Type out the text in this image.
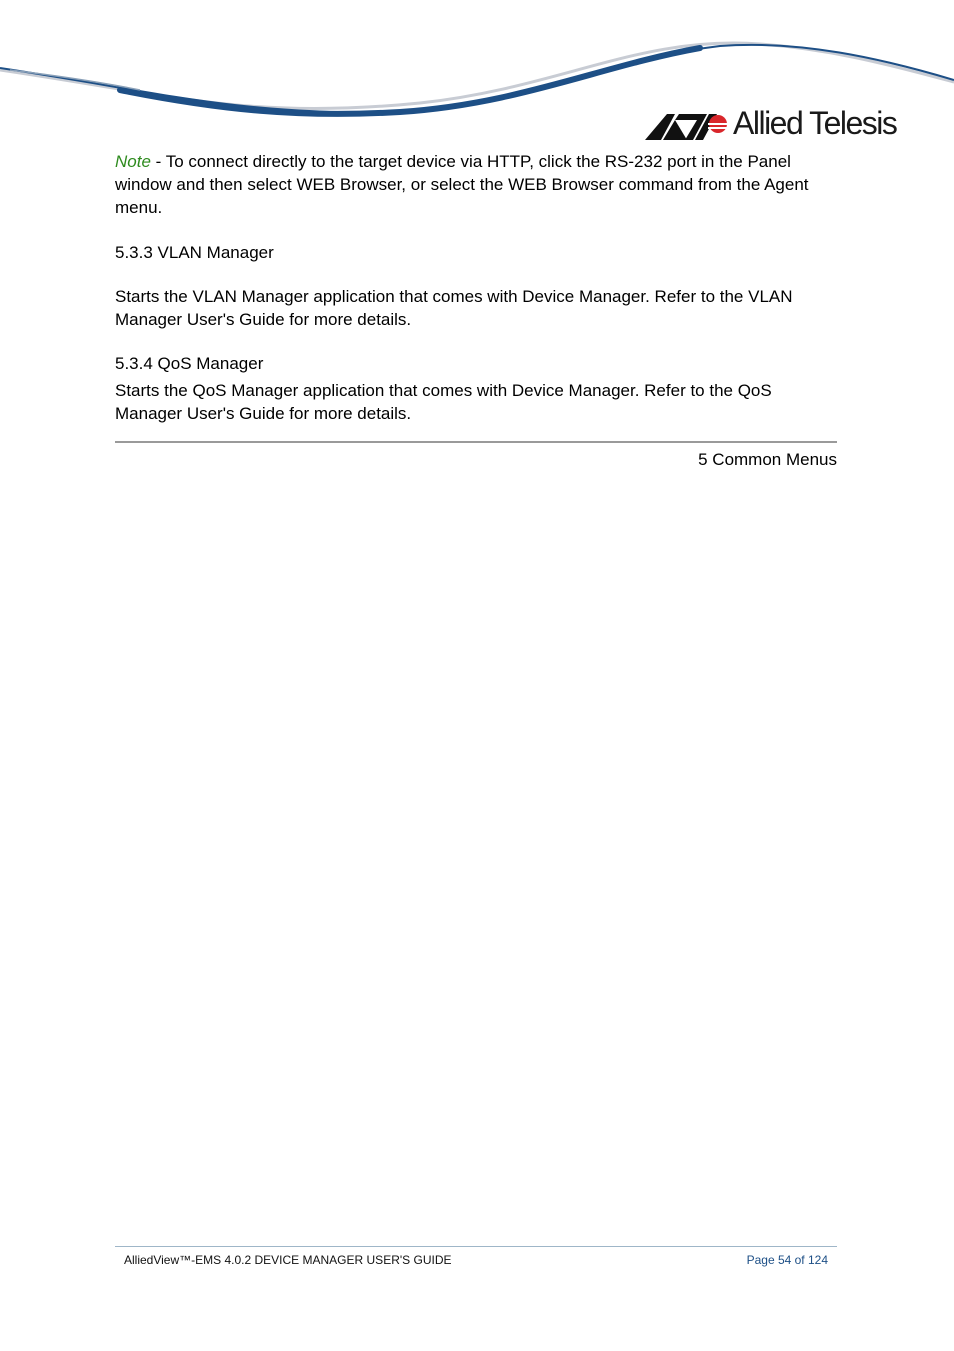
Allied Telesis

Note - To connect directly to the target device via HTTP, click the RS-232 port in the Panel window and then select WEB Browser, or select the WEB Browser command from the Agent menu.

5.3.3 VLAN Manager

Starts the VLAN Manager application that comes with Device Manager. Refer to the VLAN Manager User's Guide for more details.

5.3.4 QoS Manager

Starts the QoS Manager application that comes with Device Manager. Refer to the QoS Manager User's Guide for more details.

5 Common Menus

AlliedView™-EMS 4.0.2 DEVICE MANAGER USER'S GUIDE	Page 54 of 124
